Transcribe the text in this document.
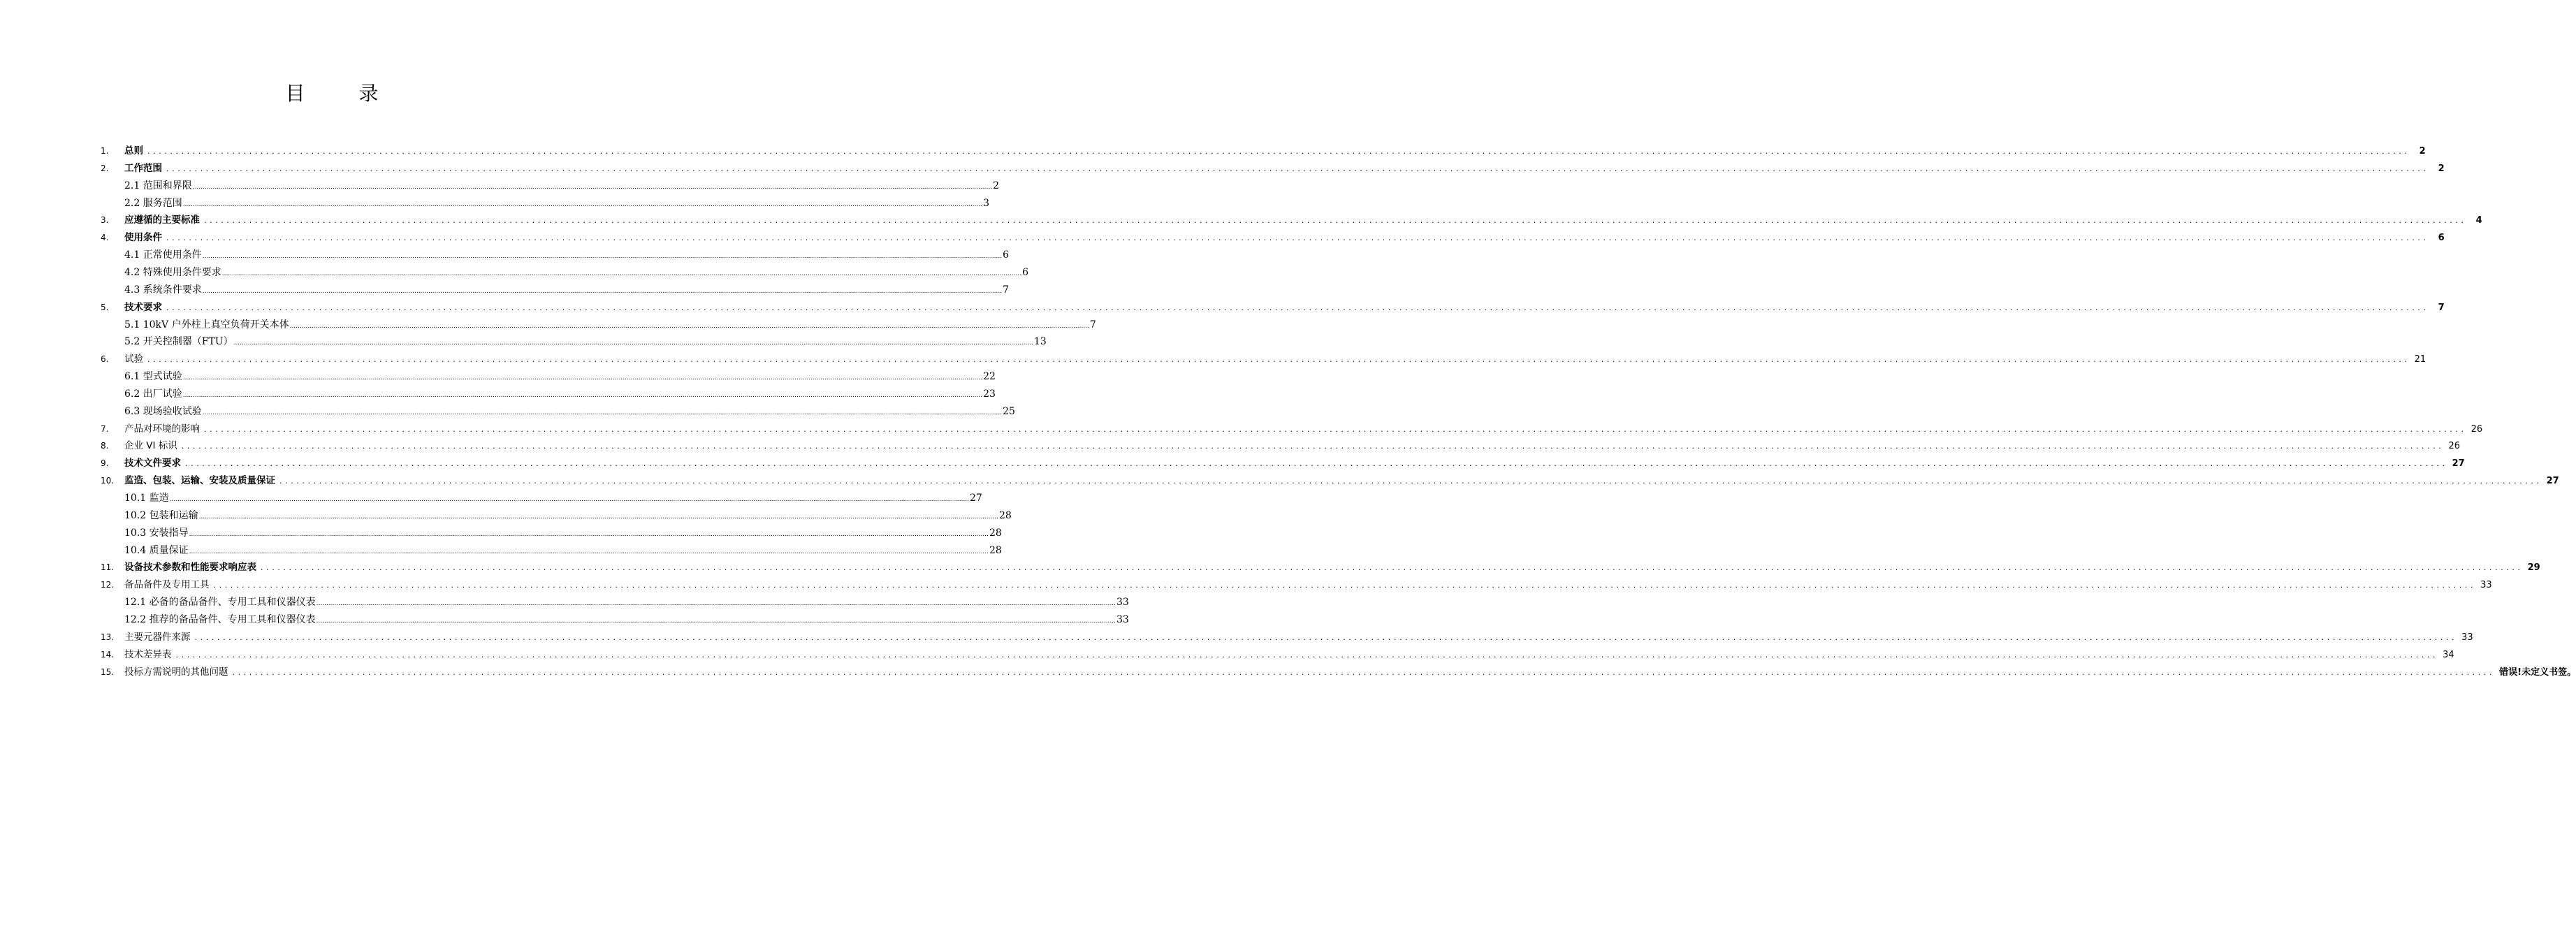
目 录
1.	总则 ................................................................................................................................................................................................................................................................................................................................................................................................................ 2
2.	工作范围 ................................................................................................................................................................................................................................................................................................................................................................................................................ 2
2.1 范围和界限 ................................................................................................................................................................................................................................................................................................................................................................................................................ 2
2.2 服务范围 ................................................................................................................................................................................................................................................................................................................................................................................................................ 3
3.	应遵循的主要标准 ................................................................................................................................................................................................................................................................................................................................................................................................................ 4
4.	使用条件 ................................................................................................................................................................................................................................................................................................................................................................................................................ 6
4.1 正常使用条件 ................................................................................................................................................................................................................................................................................................................................................................................................................ 6
4.2 特殊使用条件要求 ................................................................................................................................................................................................................................................................................................................................................................................................................ 6
4.3 系统条件要求 ................................................................................................................................................................................................................................................................................................................................................................................................................ 7
5.	技术要求 ................................................................................................................................................................................................................................................................................................................................................................................................................ 7
5.1 10kV 户外柱上真空负荷开关本体 ................................................................................................................................................................................................................................................................................................................................................................................................................ 7
5.2 开关控制器（FTU） ................................................................................................................................................................................................................................................................................................................................................................................................................ 13
6.	试验 ................................................................................................................................................................................................................................................................................................................................................................................................................ 21
6.1 型式试验 ................................................................................................................................................................................................................................................................................................................................................................................................................ 22
6.2 出厂试验 ................................................................................................................................................................................................................................................................................................................................................................................................................ 23
6.3 现场验收试验 ................................................................................................................................................................................................................................................................................................................................................................................................................ 25
7.	产品对环境的影响 ................................................................................................................................................................................................................................................................................................................................................................................................................ 26
8.	企业 VI 标识 ................................................................................................................................................................................................................................................................................................................................................................................................................ 26
9.	技术文件要求 ................................................................................................................................................................................................................................................................................................................................................................................................................ 27
10.	监造、包装、运输、安装及质量保证 ................................................................................................................................................................................................................................................................................................................................................................................................................ 27
10.1 监造 ................................................................................................................................................................................................................................................................................................................................................................................................................ 27
10.2 包装和运输 ................................................................................................................................................................................................................................................................................................................................................................................................................ 28
10.3 安装指导 ................................................................................................................................................................................................................................................................................................................................................................................................................ 28
10.4 质量保证 ................................................................................................................................................................................................................................................................................................................................................................................................................ 28
11.	设备技术参数和性能要求响应表 ................................................................................................................................................................................................................................................................................................................................................................................................................ 29
12.	备品备件及专用工具 ................................................................................................................................................................................................................................................................................................................................................................................................................ 33
12.1 必备的备品备件、专用工具和仪器仪表 ................................................................................................................................................................................................................................................................................................................................................................................................................ 33
12.2 推荐的备品备件、专用工具和仪器仪表 ................................................................................................................................................................................................................................................................................................................................................................................................................ 33
13.	主要元器件来源 ................................................................................................................................................................................................................................................................................................................................................................................................................ 33
14.	技术差异表 ................................................................................................................................................................................................................................................................................................................................................................................................................ 34
15.	投标方需说明的其他问题 ................................................................................................................................................................................................................................................................................................................................................................................................................ 错误!未定义书签。
